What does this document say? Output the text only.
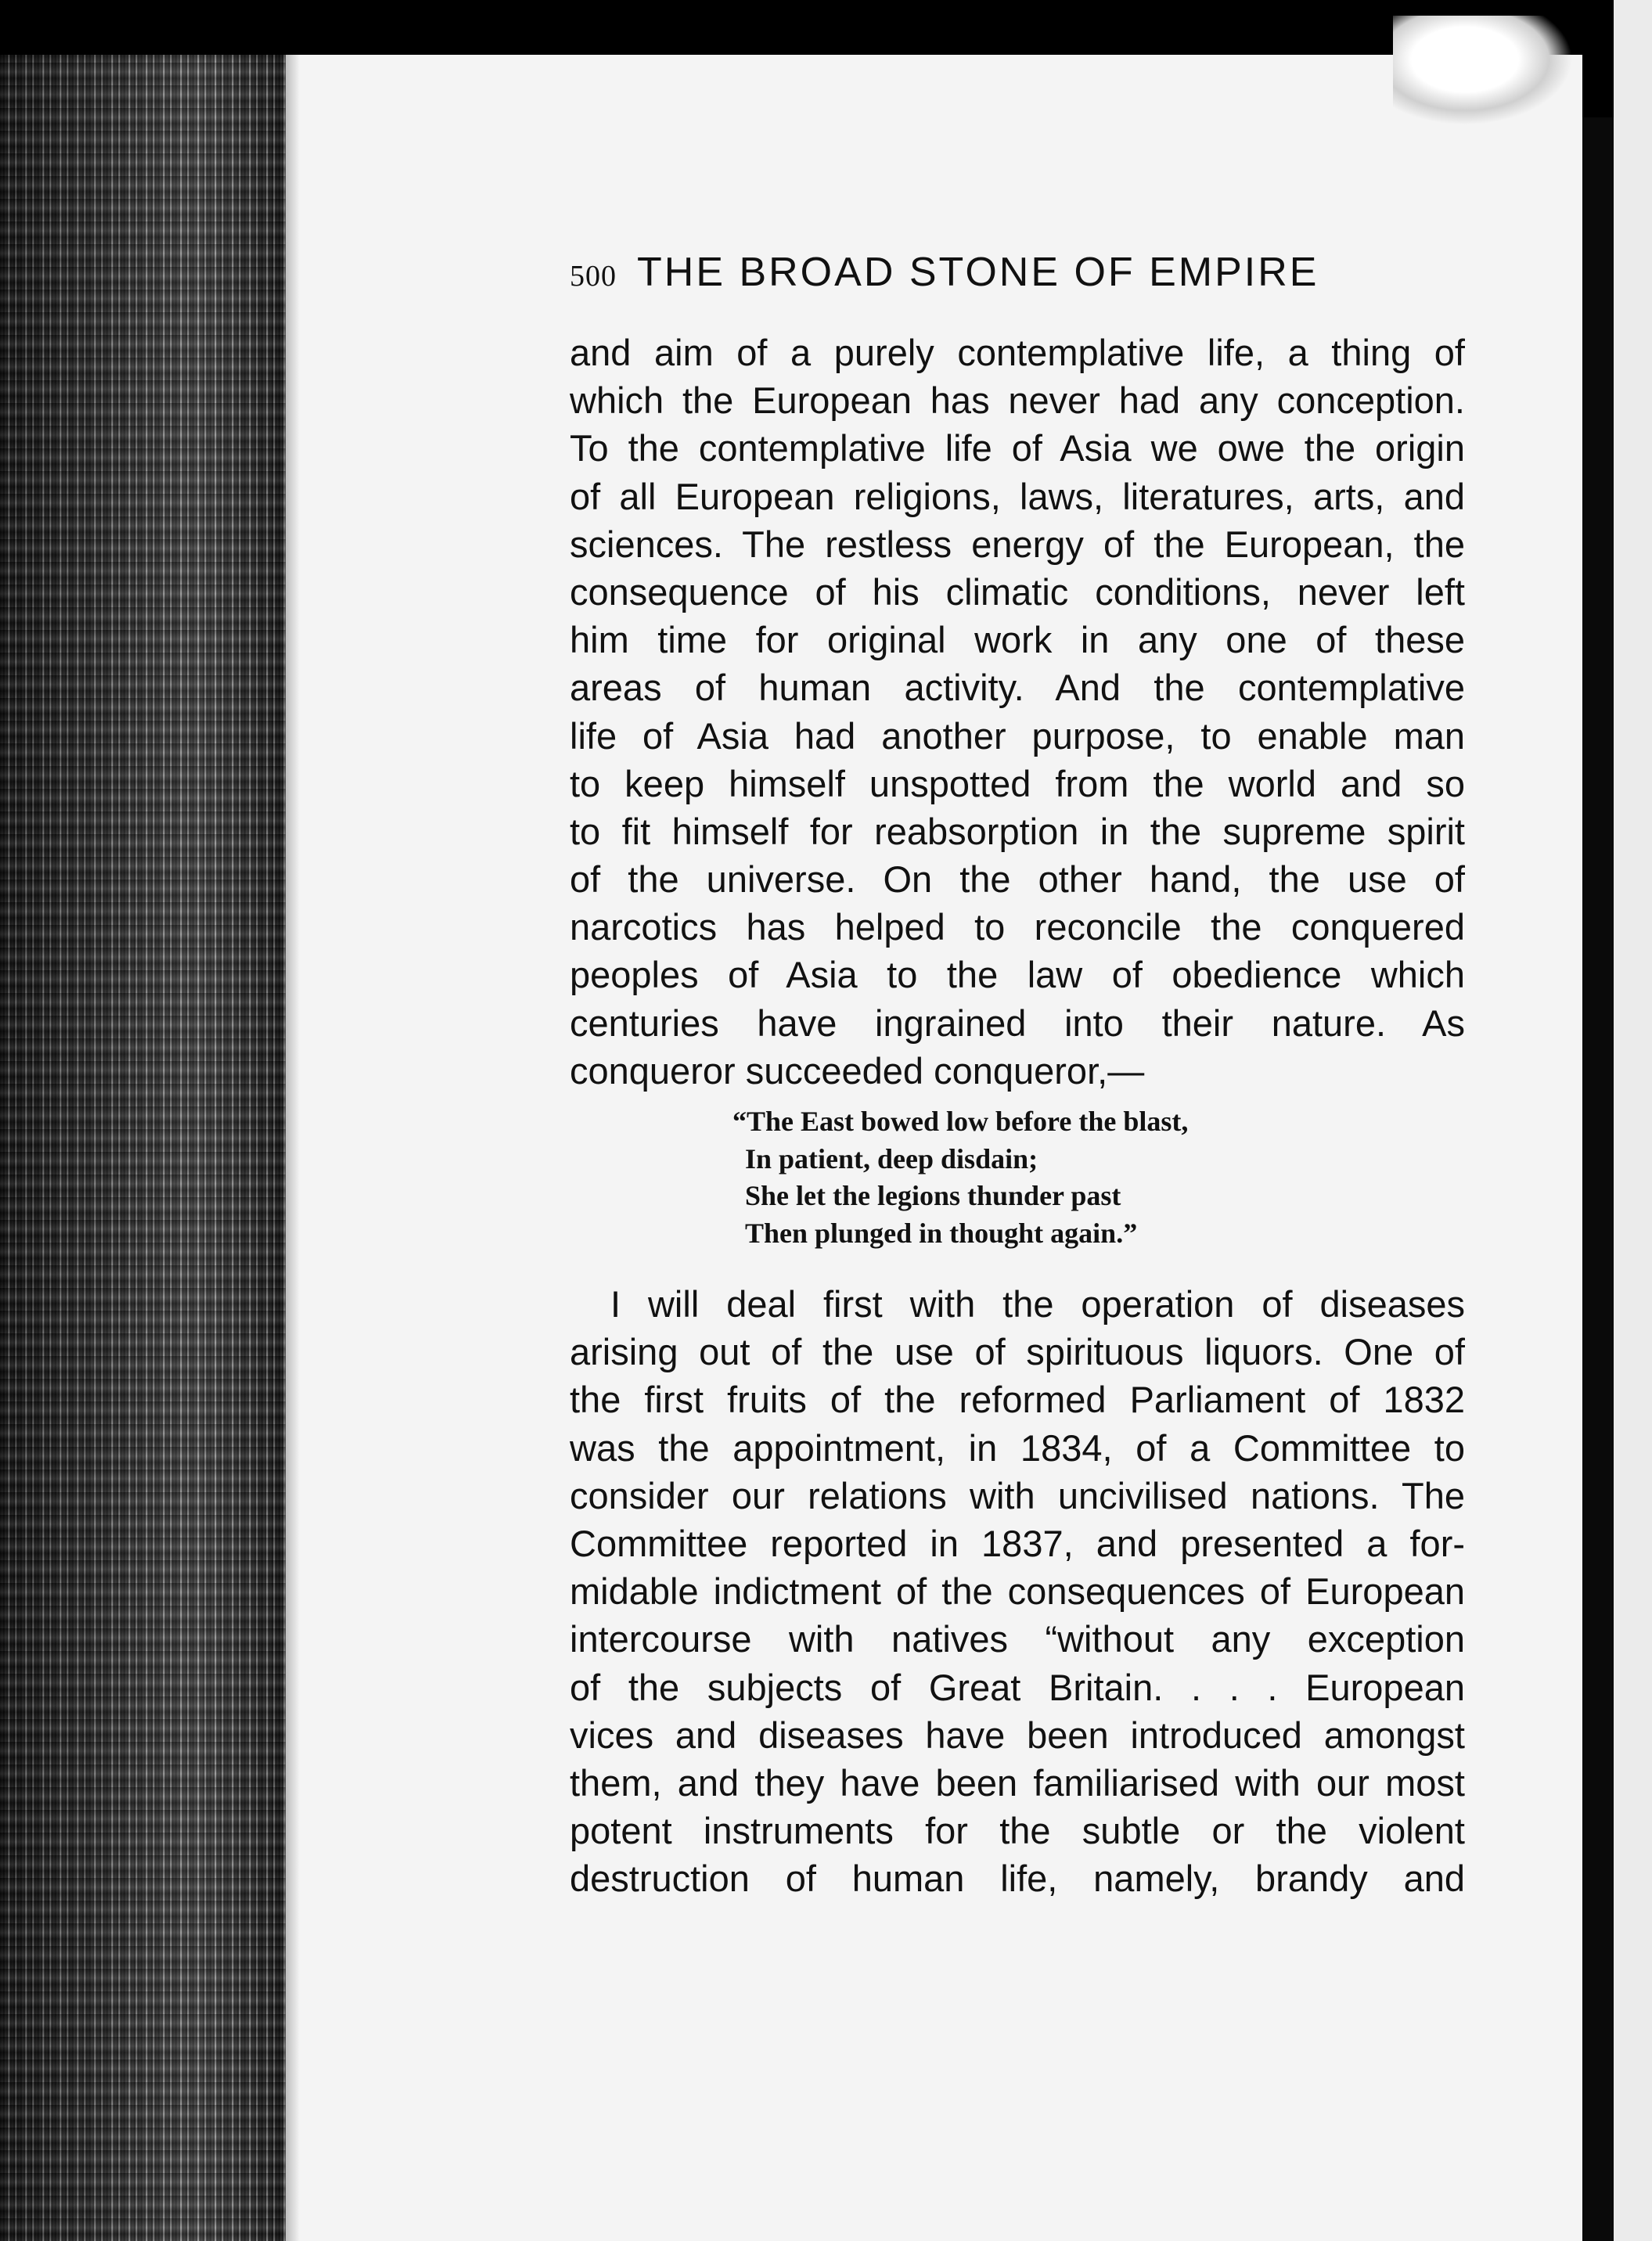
500 THE BROAD STONE OF EMPIRE
and aim of a purely contemplative life, a thing of
which the European has never had any conception.
To the contemplative life of Asia we owe the origin
of all European religions, laws, literatures, arts, and
sciences. The restless energy of the European, the
consequence of his climatic conditions, never left
him time for original work in any one of these
areas of human activity. And the contemplative
life of Asia had another purpose, to enable man
to keep himself unspotted from the world and so
to fit himself for reabsorption in the supreme spirit
of the universe. On the other hand, the use of
narcotics has helped to reconcile the conquered
peoples of Asia to the law of obedience which
centuries have ingrained into their nature. As
conqueror succeeded conqueror,—
“The East bowed low before the blast,
In patient, deep disdain;
She let the legions thunder past
Then plunged in thought again.”
I will deal first with the operation of diseases
arising out of the use of spirituous liquors. One of
the first fruits of the reformed Parliament of 1832
was the appointment, in 1834, of a Committee to
consider our relations with uncivilised nations. The
Committee reported in 1837, and presented a for-
midable indictment of the consequences of European
intercourse with natives “without any exception
of the subjects of Great Britain. . . . European
vices and diseases have been introduced amongst
them, and they have been familiarised with our most
potent instruments for the subtle or the violent
destruction of human life, namely, brandy and
